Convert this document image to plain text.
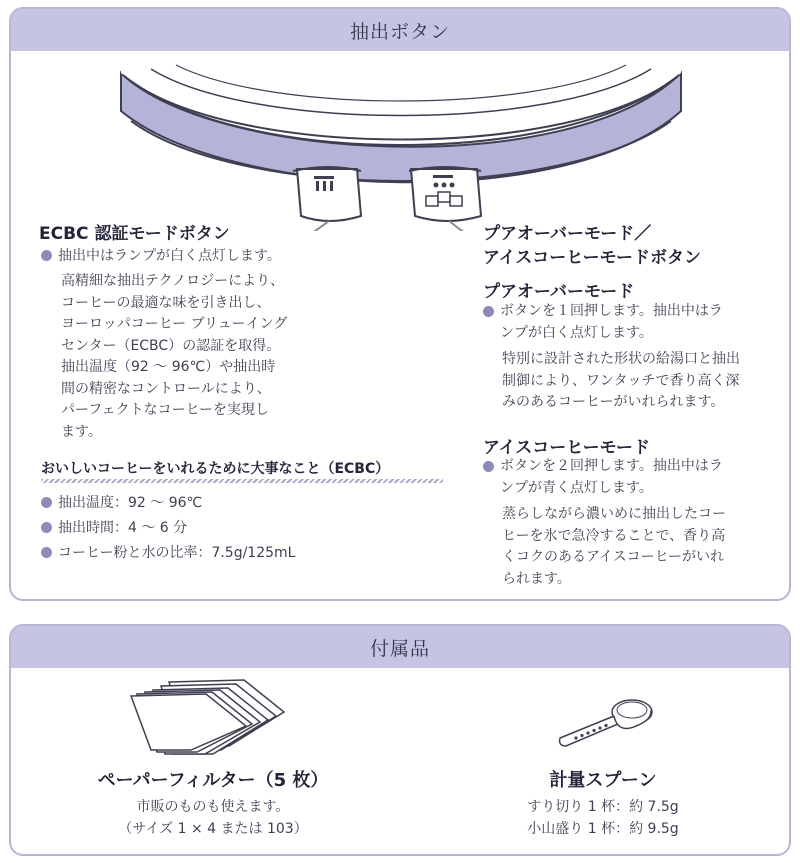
抽出ボタン
ECBC 認証モードボタン
抽出中はランプが白く点灯します。
高精細な抽出テクノロジーにより、
コーヒーの最適な味を引き出し、
ヨーロッパコーヒー ブリューイング
センター（ECBC）の認証を取得。
抽出温度（92 ～ 96℃）や抽出時
間の精密なコントロールにより、
パーフェクトなコーヒーを実現し
ます。
おいしいコーヒーをいれるために大事なこと（ECBC）
抽出温度：92 ～ 96℃
抽出時間：4 ～ 6 分
コーヒー粉と水の比率：7.5g/125mL
プアオーバーモード／
アイスコーヒーモードボタン
プアオーバーモード
ボタンを１回押します。抽出中はラ
ンプが白く点灯します。
特別に設計された形状の給湯口と抽出
制御により、ワンタッチで香り高く深
みのあるコーヒーがいれられます。
アイスコーヒーモード
ボタンを２回押します。抽出中はラ
ンプが青く点灯します。
蒸らしながら濃いめに抽出したコー
ヒーを氷で急冷することで、香り高
くコクのあるアイスコーヒーがいれ
られます。
付属品
ペーパーフィルター（5 枚）
市販のものも使えます。
（サイズ 1 × 4 または 103）
計量スプーン
すり切り 1 杯：約 7.5g
小山盛り 1 杯：約 9.5g
